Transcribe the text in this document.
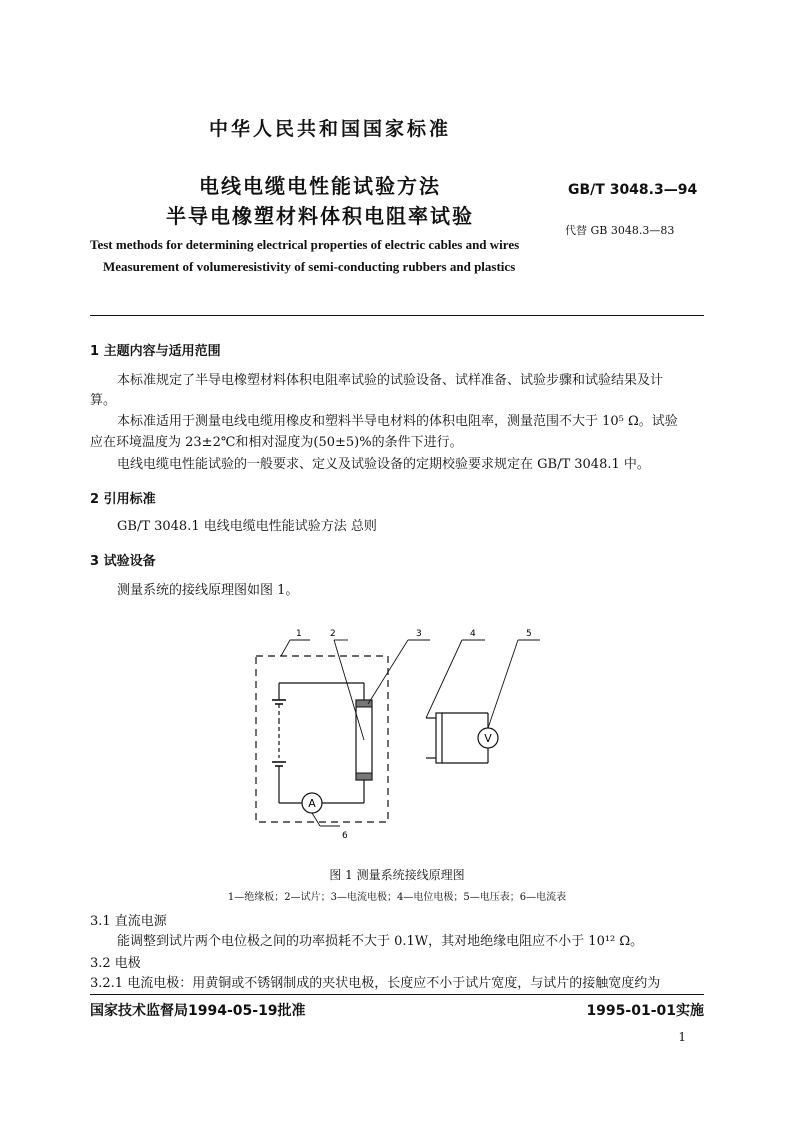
中华人民共和国国家标准
电线电缆电性能试验方法
半导电橡塑材料体积电阻率试验
GB/T 3048.3—94
代替 GB 3048.3—83
Test methods for determining electrical properties of electric cables and wires
Measurement of volumeresistivity of semi-conducting rubbers and plastics
1 主题内容与适用范围
本标准规定了半导电橡塑材料体积电阻率试验的试验设备、试样准备、试验步骤和试验结果及计
算。
本标准适用于测量电线电缆用橡皮和塑料半导电材料的体积电阻率，测量范围不大于 10⁵ Ω。试验
应在环境温度为 23±2℃和相对湿度为(50±5)%的条件下进行。
电线电缆电性能试验的一般要求、定义及试验设备的定期校验要求规定在 GB/T 3048.1 中。
2 引用标准
GB/T 3048.1 电线电缆电性能试验方法 总则
3 试验设备
测量系统的接线原理图如图 1。
A
V
1	2	3	4	5
6
图 1 测量系统接线原理图
1—绝缘板；2—试片；3—电流电极；4—电位电极；5—电压表；6—电流表
3.1 直流电源
能调整到试片两个电位极之间的功率损耗不大于 0.1W，其对地绝缘电阻应不小于 10¹² Ω。
3.2 电极
3.2.1 电流电极：用黄铜或不锈钢制成的夹状电极，长度应不小于试片宽度，与试片的接触宽度约为
国家技术监督局1994-05-19批准	1995-01-01实施
1
